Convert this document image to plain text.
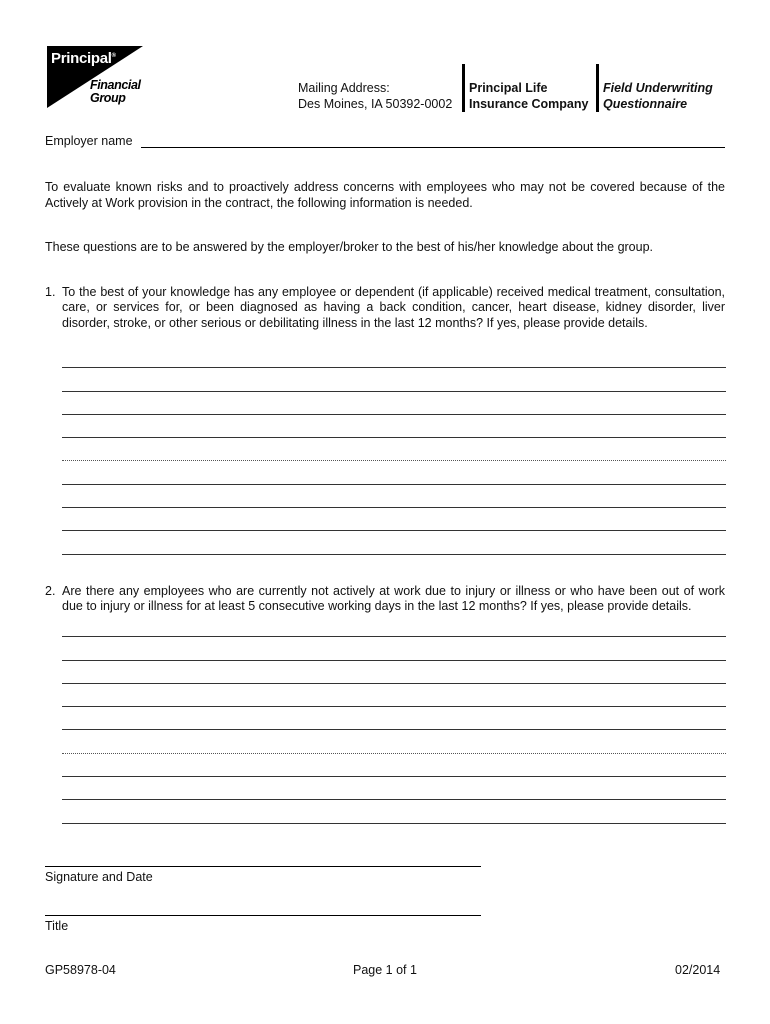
Principal®
Financial
Group
Mailing Address:
Des Moines, IA 50392-0002
Principal Life
Insurance Company
Field Underwriting
Questionnaire
Employer name
To evaluate known risks and to proactively address concerns with employees who may not be covered because of the Actively at Work provision in the contract, the following information is needed.
These questions are to be answered by the employer/broker to the best of his/her knowledge about the group.
1. To the best of your knowledge has any employee or dependent (if applicable) received medical treatment, consultation, care, or services for, or been diagnosed as having a back condition, cancer, heart disease, kidney disorder, liver disorder, stroke, or other serious or debilitating illness in the last 12 months? If yes, please provide details.
2. Are there any employees who are currently not actively at work due to injury or illness or who have been out of work due to injury or illness for at least 5 consecutive working days in the last 12 months? If yes, please provide details.
Signature and Date
Title
GP58978-04	Page 1 of 1	02/2014
